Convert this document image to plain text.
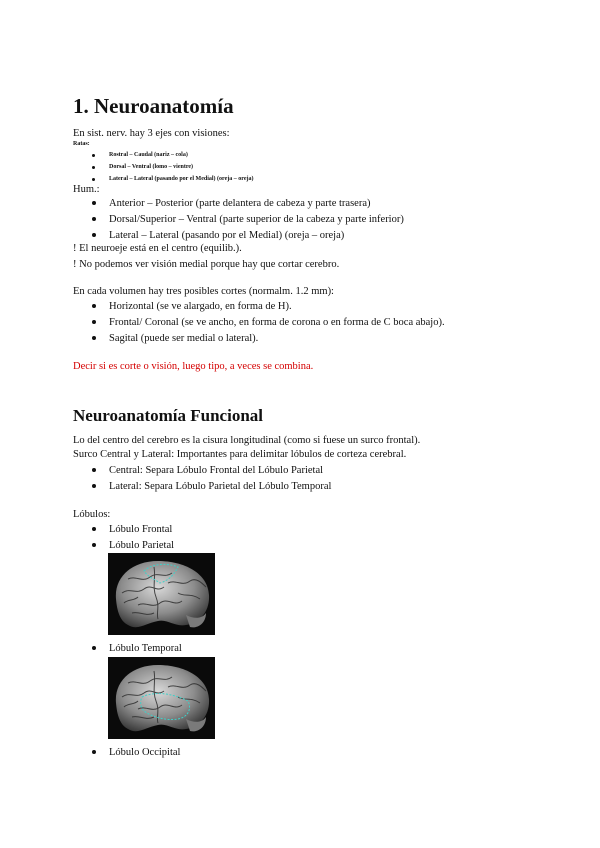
1. Neuroanatomía
En sist. nerv. hay 3 ejes con visiones:
Ratas:
Rostral – Caudal (nariz – cola)
Dorsal – Ventral (lomo – vientre)
Lateral – Lateral (pasando por el Medial) (oreja – oreja)
Hum.:
Anterior – Posterior (parte delantera de cabeza y parte trasera)
Dorsal/Superior – Ventral (parte superior de la cabeza y parte inferior)
Lateral – Lateral (pasando por el Medial) (oreja – oreja)
! El neuroeje está en el centro (equilib.).
! No podemos ver visión medial porque hay que cortar cerebro.
En cada volumen hay tres posibles cortes (normalm. 1.2 mm):
Horizontal (se ve alargado, en forma de H).
Frontal/ Coronal (se ve ancho, en forma de corona o en forma de C boca abajo).
Sagital (puede ser medial o lateral).
Decir si es corte o visión, luego tipo, a veces se combina.
Neuroanatomía Funcional
Lo del centro del cerebro es la cisura longitudinal (como si fuese un surco frontal).
Surco Central y Lateral: Importantes para delimitar lóbulos de corteza cerebral.
Central: Separa Lóbulo Frontal del Lóbulo Parietal
Lateral: Separa Lóbulo Parietal del Lóbulo Temporal
Lóbulos:
Lóbulo Frontal
Lóbulo Parietal
Lóbulo Temporal
Lóbulo Occipital
